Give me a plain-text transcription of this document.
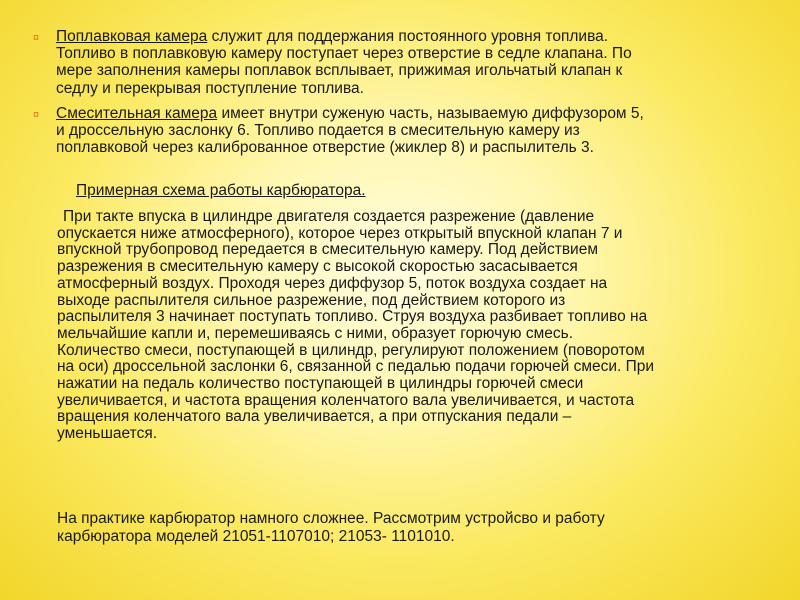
¤ Поплавковая камера служит для поддержания постоянного уровня топлива.
Топливо в поплавковую камеру поступает через отверстие в седле клапана. По
мере заполнения камеры поплавок всплывает, прижимая игольчатый клапан к
седлу и перекрывая поступление топлива.
¤ Смесительная камера имеет внутри суженую часть, называемую диффузором 5,
и дроссельную заслонку 6. Топливо подается в смесительную камеру из
поплавковой через калиброванное отверстие (жиклер 8) и распылитель 3.
Примерная схема работы карбюратора.
При такте впуска в цилиндре двигателя создается разрежение (давление
опускается ниже атмосферного), которое через открытый впускной клапан 7 и
впускной трубопровод передается в смесительную камеру. Под действием
разрежения в смесительную камеру с высокой скоростью засасывается
атмосферный воздух. Проходя через диффузор 5, поток воздуха создает на
выходе распылителя сильное разрежение, под действием которого из
распылителя 3 начинает поступать топливо. Струя воздуха разбивает топливо на
мельчайшие капли и, перемешиваясь с ними, образует горючую смесь.
Количество смеси, поступающей в цилиндр, регулируют положением (поворотом
на оси) дроссельной заслонки 6, связанной с педалью подачи горючей смеси. При
нажатии на педаль количество поступающей в цилиндры горючей смеси
увеличивается, и частота вращения коленчатого вала увеличивается, и частота
вращения коленчатого вала увеличивается, а при отпускания педали –
уменьшается.
На практике карбюратор намного сложнее. Рассмотрим устройсво и работу
карбюратора моделей 21051-1107010; 21053- 1101010.
